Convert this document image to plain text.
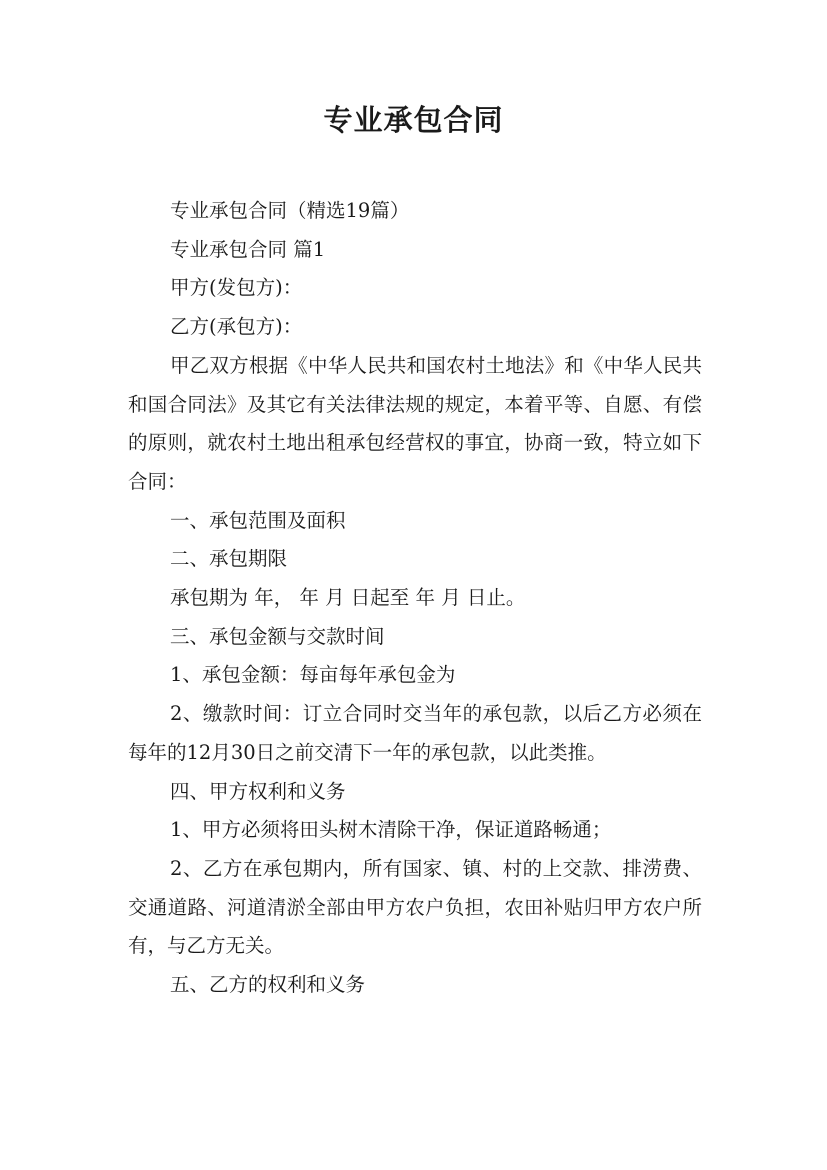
专业承包合同

专业承包合同（精选19篇）

专业承包合同 篇1

甲方(发包方)：

乙方(承包方)：

甲乙双方根据《中华人民共和国农村土地法》和《中华人民共和国合同法》及其它有关法律法规的规定，本着平等、自愿、有偿的原则，就农村土地出租承包经营权的事宜，协商一致，特立如下合同：

一、承包范围及面积

二、承包期限

承包期为 年， 年 月 日起至 年 月 日止。

三、承包金额与交款时间

1、承包金额：每亩每年承包金为

2、缴款时间：订立合同时交当年的承包款，以后乙方必须在每年的12月30日之前交清下一年的承包款，以此类推。

四、甲方权利和义务

1、甲方必须将田头树木清除干净，保证道路畅通；

2、乙方在承包期内，所有国家、镇、村的上交款、排涝费、交通道路、河道清淤全部由甲方农户负担，农田补贴归甲方农户所有，与乙方无关。

五、乙方的权利和义务
